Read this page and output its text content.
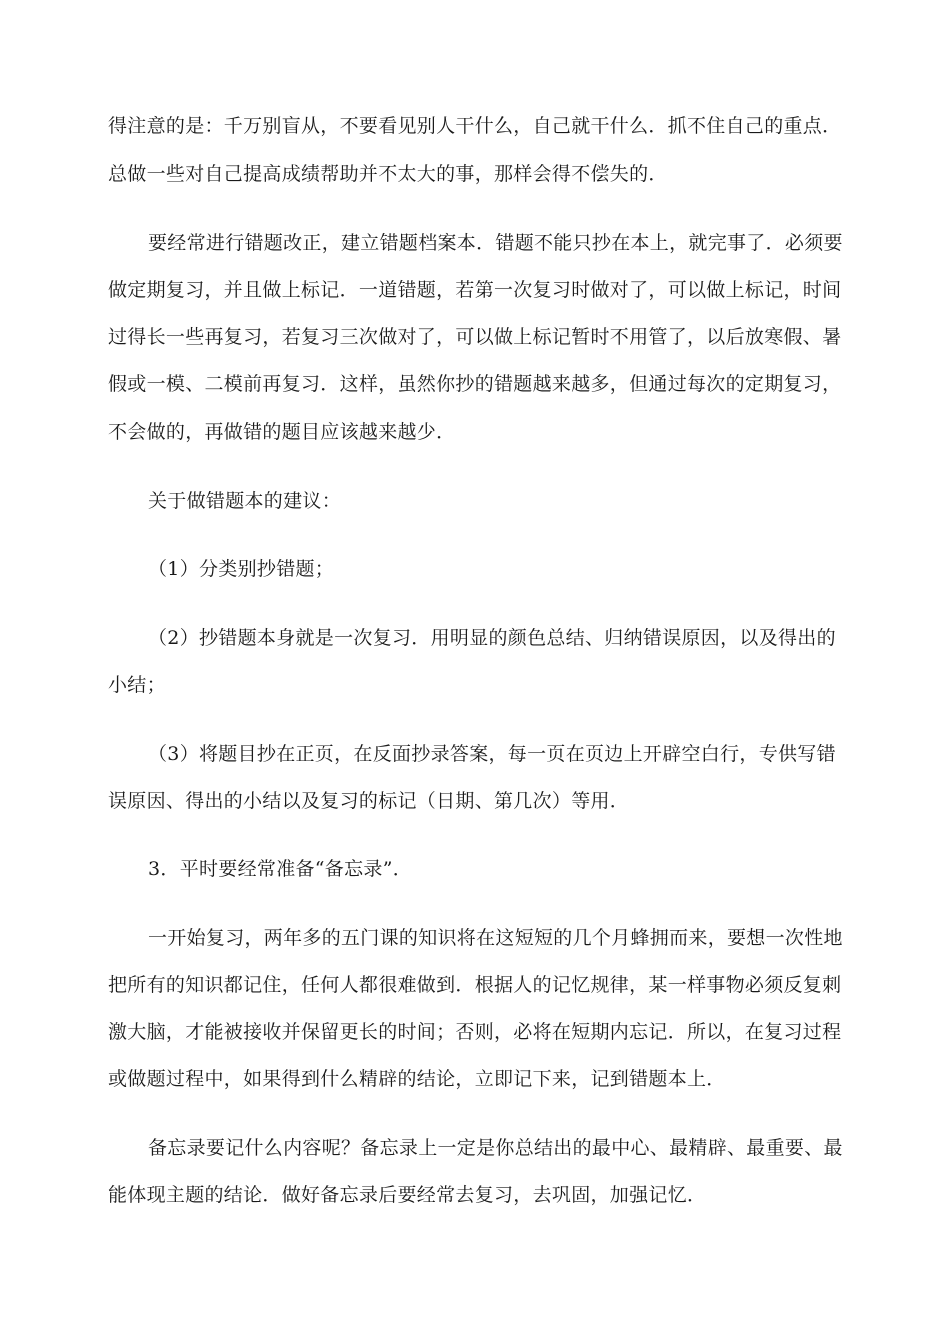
得注意的是：千万别盲从，不要看见别人干什么，自己就干什么．抓不住自己的重点．
总做一些对自己提高成绩帮助并不太大的事，那样会得不偿失的．
要经常进行错题改正，建立错题档案本．错题不能只抄在本上，就完事了．必须要
做定期复习，并且做上标记．一道错题，若第一次复习时做对了，可以做上标记，时间
过得长一些再复习，若复习三次做对了，可以做上标记暂时不用管了，以后放寒假、暑
假或一模、二模前再复习．这样，虽然你抄的错题越来越多，但通过每次的定期复习，
不会做的，再做错的题目应该越来越少．
关于做错题本的建议：
（1）分类别抄错题；
（2）抄错题本身就是一次复习．用明显的颜色总结、归纳错误原因，以及得出的
小结；
（3）将题目抄在正页，在反面抄录答案，每一页在页边上开辟空白行，专供写错
误原因、得出的小结以及复习的标记（日期、第几次）等用．
3．平时要经常准备“备忘录”．
一开始复习，两年多的五门课的知识将在这短短的几个月蜂拥而来，要想一次性地
把所有的知识都记住，任何人都很难做到．根据人的记忆规律，某一样事物必须反复刺
激大脑，才能被接收并保留更长的时间；否则，必将在短期内忘记．所以，在复习过程
或做题过程中，如果得到什么精辟的结论，立即记下来，记到错题本上．
备忘录要记什么内容呢？备忘录上一定是你总结出的最中心、最精辟、最重要、最
能体现主题的结论．做好备忘录后要经常去复习，去巩固，加强记忆．
